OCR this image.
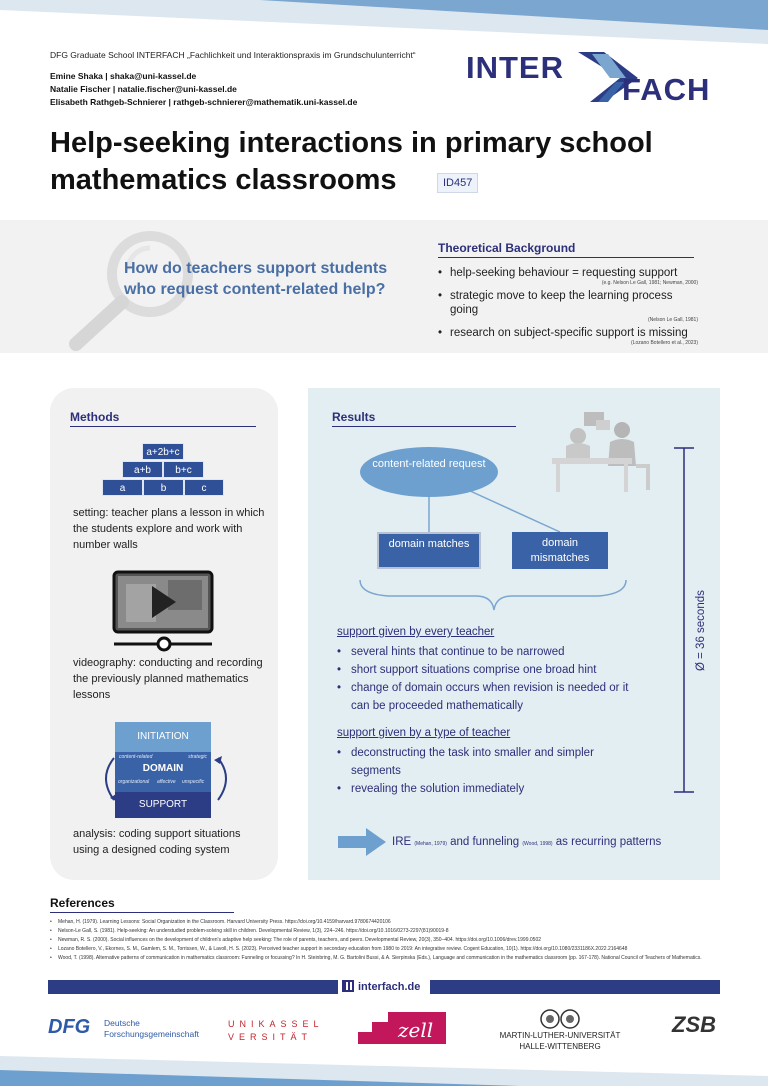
DFG Graduate School INTERFACH „Fachlichkeit und Interaktionspraxis im Grundschulunterricht“
Emine Shaka | shaka@uni-kassel.de
Natalie Fischer | natalie.fischer@uni-kassel.de
Elisabeth Rathgeb-Schnierer | rathgeb-schnierer@mathematik.uni-kassel.de
INTER
FACH
Help-seeking interactions in primary school
mathematics classrooms	ID457
How do teachers support students who request content-related help?
Theoretical Background
• help-seeking behaviour = requesting support
(e.g. Nelson Le Gall, 1981; Newman, 2000)
• strategic move to keep the learning process going
(Nelson Le Gall, 1981)
• research on subject-specific support is missing
(Lozano Botellero et al., 2023)
Methods
a+2b+c
a+b	b+c
a	b	c
setting: teacher plans a lesson in which the students explore and work with number walls
videography: conducting and recording the previously planned mathematics lessons
INITIATION
content-related	strategic
DOMAIN
organizational affective unspecific
SUPPORT
analysis: coding support situations using a designed coding system
Results
content-related request
domain matches	domain mismatches
support given by every teacher
• several hints that continue to be narrowed
• short support situations comprise one broad hint
• change of domain occurs when revision is needed or it can be proceeded mathematically
support given by a type of teacher
• deconstructing the task into smaller and simpler segments
• revealing the solution immediately
Ø = 36 seconds
IRE (Mehan, 1979) and funneling (Wood, 1998) as recurring patterns
References
• Mehan, H. (1979). Learning Lessons: Social Organization in the Classroom. Harvard University Press. https://doi.org/10.4159/harvard.9780674420106
• Nelson-Le Gall, S. (1981). Help-seeking: An understudied problem-solving skill in children. Developmental Review, 1(3), 224–246. https://doi.org/10.1016/0273-2297(81)90019-8
• Newman, R. S. (2000). Social influences on the development of children's adaptive help seeking: The role of parents, teachers, and peers. Developmental Review, 20(3), 350–404. https://doi.org/10.1006/drev.1999.0502
• Lozano Botellero, V., Ekornes, S. M., Gamlem, S. M., Torrissen, W., & Lavoll, H. S. (2023). Perceived teacher support in secondary education from 1980 to 2019: An integrative review. Cogent Education, 10(1). https://doi.org/10.1080/2331186X.2022.2164648
• Wood, T. (1998). Alternative patterns of communication in mathematics classroom: Funneling or focussing? In H. Steinbring, M. G. Bartolini Bussi, & A. Sierpinska (Eds.), Language and communication in the mathematics classroom (pp. 167-178). National Council of Teachers of Mathematics.
interfach.de
DFG Deutsche
Forschungsgemeinschaft
UNIKASSEL
VERSITÄT	zell	MARTIN-LUTHER-UNIVERSITÄT
HALLE-WITTENBERG
ZSB
